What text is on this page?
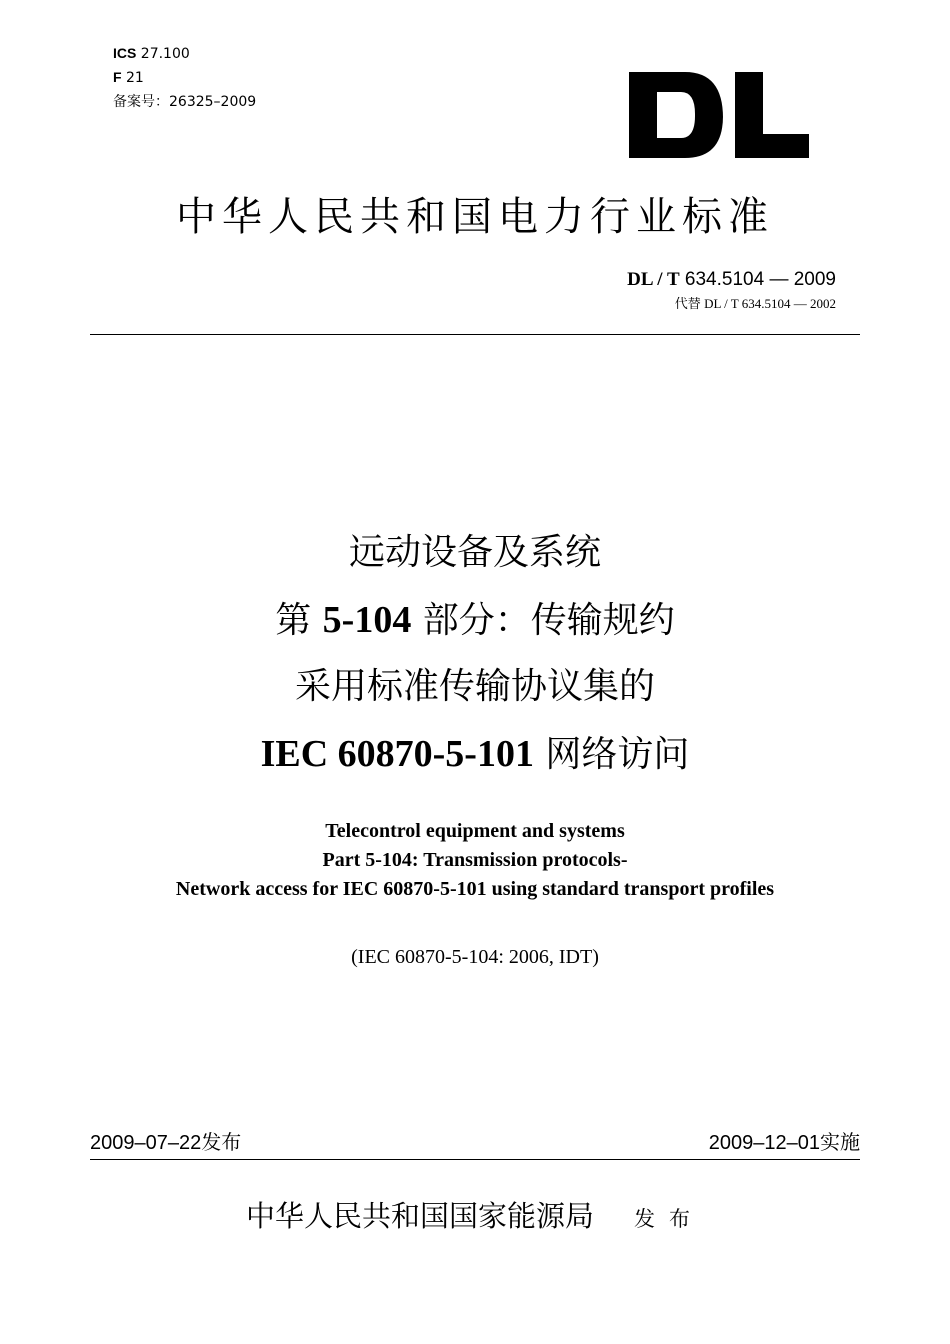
ICS 27.100
F 21
备案号：26325–2009
中华人民共和国电力行业标准
DL / T 634.5104 — 2009
代替 DL / T 634.5104 — 2002
远动设备及系统
第 5-104 部分：传输规约
采用标准传输协议集的
IEC 60870-5-101 网络访问
Telecontrol equipment and systems
Part 5-104: Transmission protocols-
Network access for IEC 60870-5-101 using standard transport profiles
(IEC 60870-5-104: 2006, IDT)
2009–07–22发布	2009–12–01实施
中华人民共和国国家能源局 发布
